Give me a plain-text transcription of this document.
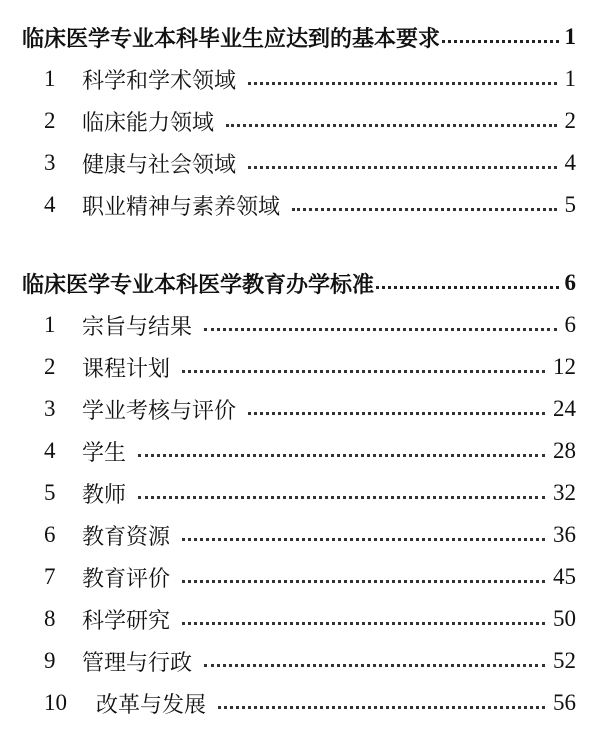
临床医学专业本科毕业生应达到的基本要求	1
1	科学和学术领域	1
2	临床能力领域	2
3	健康与社会领域	4
4	职业精神与素养领域	5
临床医学专业本科医学教育办学标准	6
1	宗旨与结果	6
2	课程计划	12
3	学业考核与评价	24
4	学生	28
5	教师	32
6	教育资源	36
7	教育评价	45
8	科学研究	50
9	管理与行政	52
10	改革与发展	56
